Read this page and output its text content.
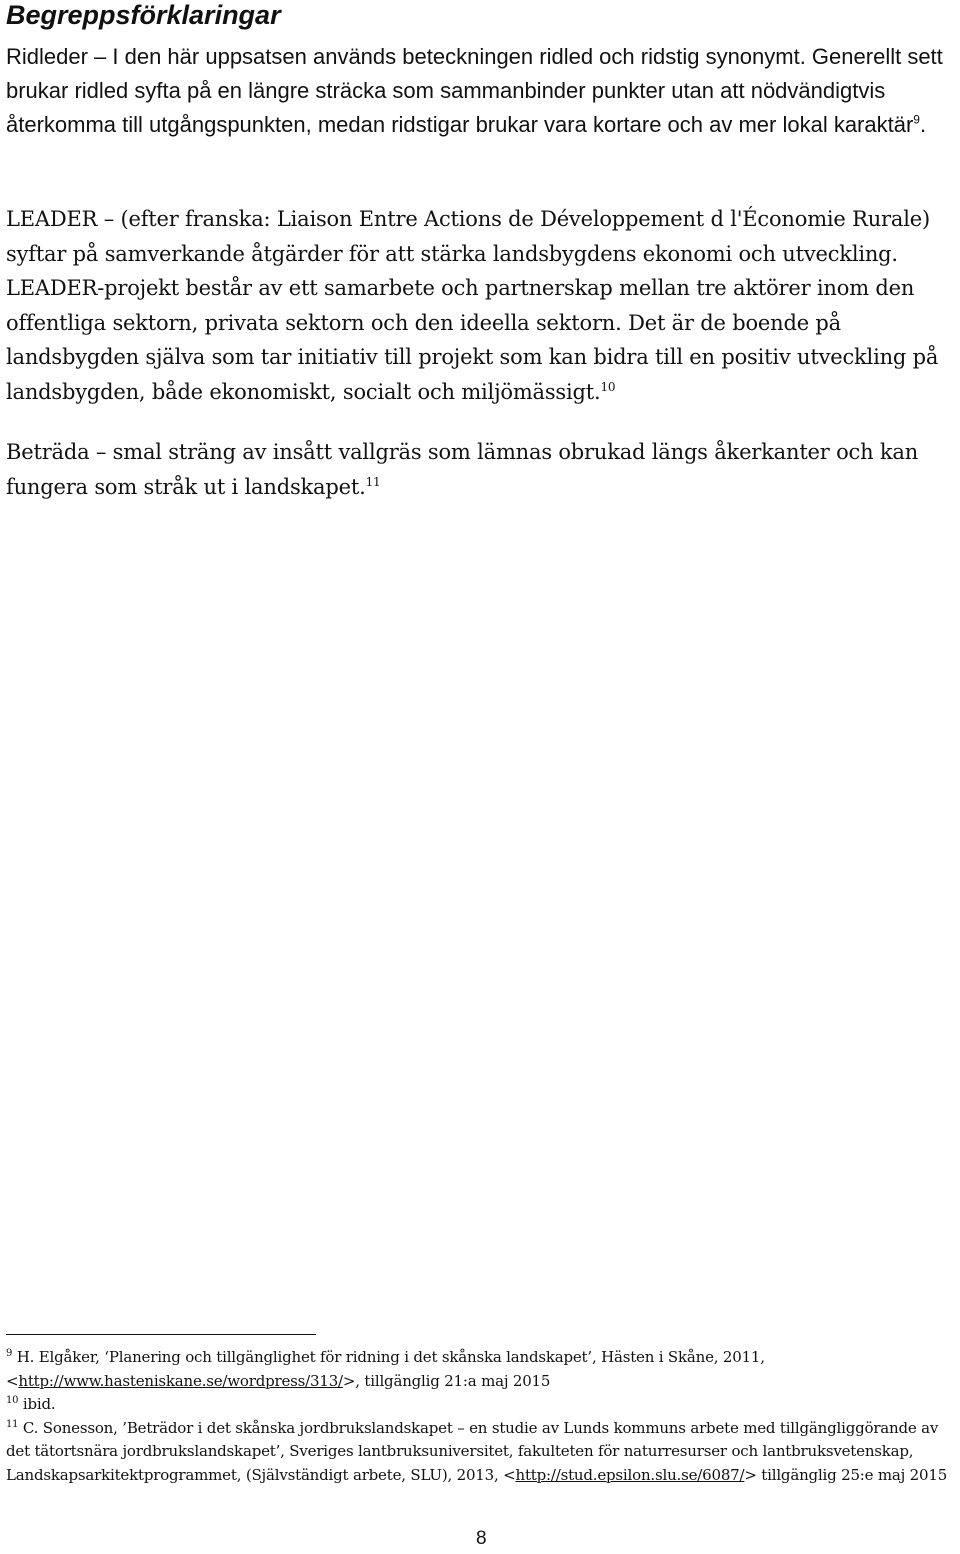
Begreppsförklaringar

Ridleder – I den här uppsatsen används beteckningen ridled och ridstig synonymt. Generellt sett brukar ridled syfta på en längre sträcka som sammanbinder punkter utan att nödvändigtvis återkomma till utgångspunkten, medan ridstigar brukar vara kortare och av mer lokal karaktär$^9$.

LEADER – (efter franska: Liaison Entre Actions de Développement d l'Économie Rurale) syftar på samverkande åtgärder för att stärka landsbygdens ekonomi och utveckling. LEADER-projekt består av ett samarbete och partnerskap mellan tre aktörer inom den offentliga sektorn, privata sektorn och den ideella sektorn. Det är de boende på landsbygden själva som tar initiativ till projekt som kan bidra till en positiv utveckling på landsbygden, både ekonomiskt, socialt och miljömässigt.$^{10}$

Beträda – smal sträng av insått vallgräs som lämnas obrukad längs åkerkanter och kan fungera som stråk ut i landskapet.$^{11}$

$^9$ H. Elgåker, ‘Planering och tillgänglighet för ridning i det skånska landskapet’, Hästen i Skåne, 2011, <http://www.hasteniskane.se/wordpress/313/>, tillgänglig 21:a maj 2015

$^{10}$ ibid.

$^{11}$ C. Sonesson, ’Beträdor i det skånska jordbrukslandskapet – en studie av Lunds kommuns arbete med tillgängliggörande av det tätortsnära jordbrukslandskapet’, Sveriges lantbruksuniversitet, fakulteten för naturresurser och lantbruksvetenskap, Landskapsarkitektprogrammet, (Självständigt arbete, SLU), 2013, <http://stud.epsilon.slu.se/6087/> tillgänglig 25:e maj 2015

8
